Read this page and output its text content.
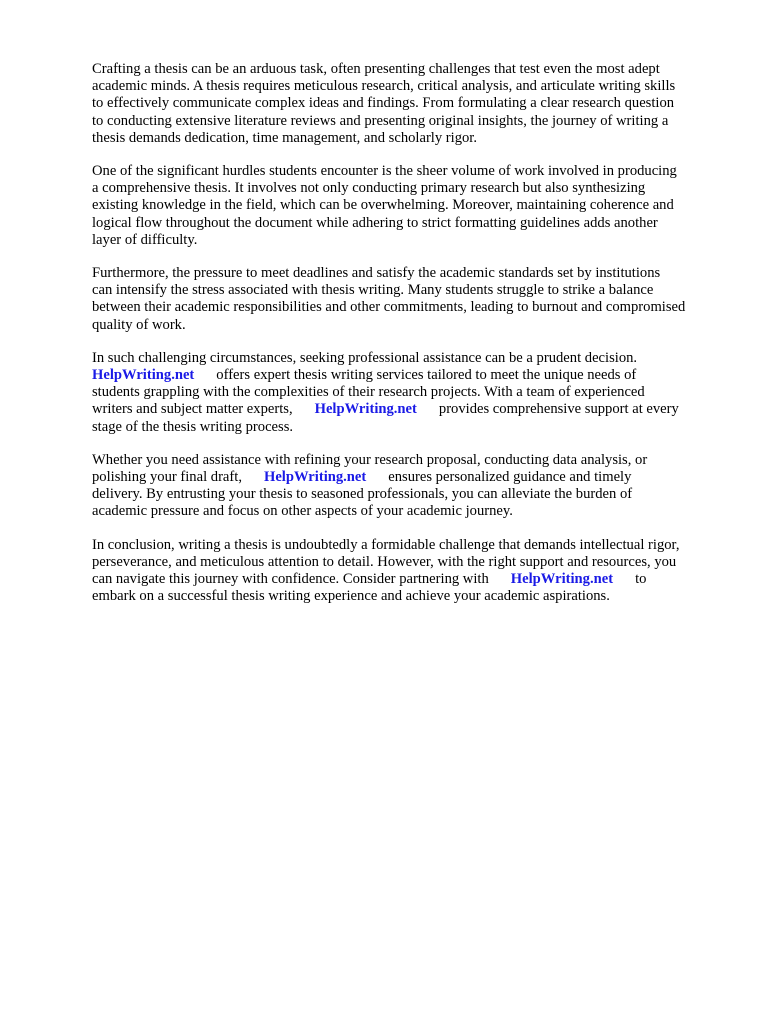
Crafting a thesis can be an arduous task, often presenting challenges that test even the most adept
academic minds. A thesis requires meticulous research, critical analysis, and articulate writing skills
to effectively communicate complex ideas and findings. From formulating a clear research question
to conducting extensive literature reviews and presenting original insights, the journey of writing a
thesis demands dedication, time management, and scholarly rigor.

One of the significant hurdles students encounter is the sheer volume of work involved in producing
a comprehensive thesis. It involves not only conducting primary research but also synthesizing
existing knowledge in the field, which can be overwhelming. Moreover, maintaining coherence and
logical flow throughout the document while adhering to strict formatting guidelines adds another
layer of difficulty.

Furthermore, the pressure to meet deadlines and satisfy the academic standards set by institutions
can intensify the stress associated with thesis writing. Many students struggle to strike a balance
between their academic responsibilities and other commitments, leading to burnout and compromised
quality of work.

In such challenging circumstances, seeking professional assistance can be a prudent decision.
HelpWriting.net offers expert thesis writing services tailored to meet the unique needs of
students grappling with the complexities of their research projects. With a team of experienced
writers and subject matter experts, HelpWriting.net provides comprehensive support at every
stage of the thesis writing process.

Whether you need assistance with refining your research proposal, conducting data analysis, or
polishing your final draft, HelpWriting.net ensures personalized guidance and timely
delivery. By entrusting your thesis to seasoned professionals, you can alleviate the burden of
academic pressure and focus on other aspects of your academic journey.

In conclusion, writing a thesis is undoubtedly a formidable challenge that demands intellectual rigor,
perseverance, and meticulous attention to detail. However, with the right support and resources, you
can navigate this journey with confidence. Consider partnering with HelpWriting.net to
embark on a successful thesis writing experience and achieve your academic aspirations.
